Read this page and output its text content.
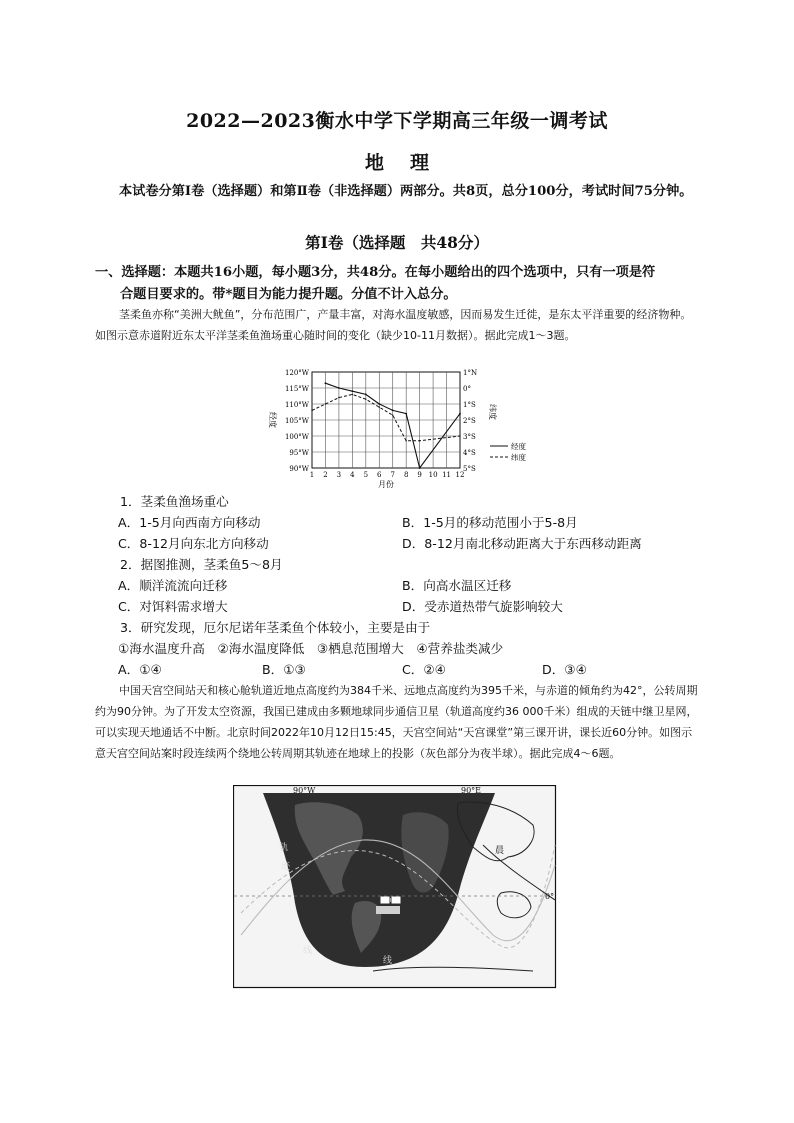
2022—2023衡水中学下学期高三年级一调考试
地理
本试卷分第Ⅰ卷（选择题）和第Ⅱ卷（非选择题）两部分。共8页，总分100分，考试时间75分钟。
第Ⅰ卷（选择题　共48分）
一、选择题：本题共16小题，每小题3分，共48分。在每小题给出的四个选项中，只有一项是符
合题目要求的。带*题目为能力提升题。分值不计入总分。
茎柔鱼亦称“美洲大鱿鱼”，分布范围广，产量丰富，对海水温度敏感，因而易发生迁徙，是东太平洋重要的经济物种。如图示意赤道附近东太平洋茎柔鱼渔场重心随时间的变化（缺少10-11月数据）。据此完成1～3题。
1 2 3 4 5 6 7 8 9 10 11 12
120°W	1°N
115°W	0°
110°W	1°S
105°W	2°S
100°W	3°S
95°W	4°S
90°W	5°S
月份
经度	纬度
经度
纬度
1．茎柔鱼渔场重心
A．1-5月向西南方向移动	B．1-5月的移动范围小于5-8月
C．8-12月向东北方向移动	D．8-12月南北移动距离大于东西移动距离
2．据图推测，茎柔鱼5～8月
A．顺洋流流向迁移	B．向高水温区迁移
C．对饵料需求增大	D．受赤道热带气旋影响较大
3．研究发现，厄尔尼诺年茎柔鱼个体较小，主要是由于
①海水温度升高　②海水温度降低　③栖息范围增大　④营养盐类减少
A．①④	B．①③	C．②④	D．③④
中国天宫空间站天和核心舱轨道近地点高度约为384千米、远地点高度约为395千米，与赤道的倾角约为42°，公转周期约为90分钟。为了开发太空资源，我国已建成由多颗地球同步通信卫星（轨道高度约36 000千米）组成的天链中继卫星网，可以实现天地通话不中断。北京时间2022年10月12日15:45，天宫空间站“天宫课堂”第三课开讲，课长近60分钟。如图示意天宫空间站案时段连续两个绕地公转周期其轨迹在地球上的投影（灰色部分为夜半球）。据此完成4～6题。
90°W	90°E
0°
轨
迹
线
晨
线
